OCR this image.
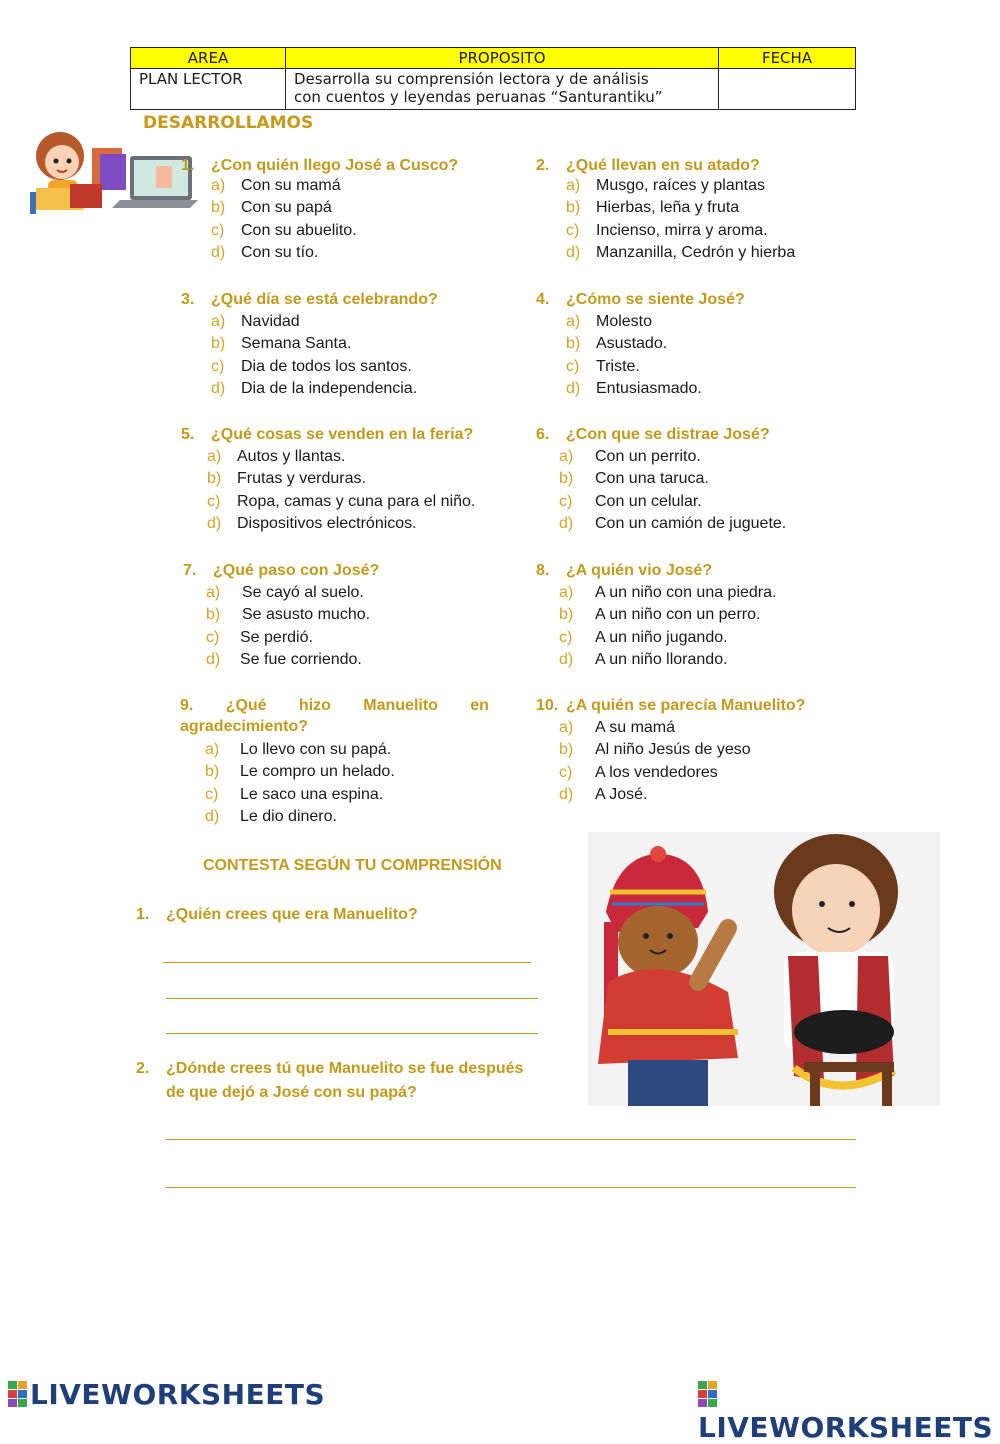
AREA	PROPOSITO	FECHA
PLAN LECTOR	Desarrolla su comprensión lectora y de análisis
con cuentos y leyendas peruanas “Santurantiku”	

DESARROLLAMOS
1. ¿Con quién llego José a Cusco?
a) Con su mamá
b) Con su papá
c) Con su abuelito.
d) Con su tío.
2. ¿Qué llevan en su atado?
a) Musgo, raíces y plantas
b) Hierbas, leña y fruta
c) Incienso, mirra y aroma.
d) Manzanilla, Cedrón y hierba
3. ¿Qué día se está celebrando?
a) Navidad
b) Semana Santa.
c) Dia de todos los santos.
d) Dia de la independencia.
4. ¿Cómo se siente José?
a) Molesto
b) Asustado.
c) Triste.
d) Entusiasmado.
5. ¿Qué cosas se venden en la feria?
a) Autos y llantas.
b) Frutas y verduras.
c) Ropa, camas y cuna para el niño.
d) Dispositivos electrónicos.
6. ¿Con que se distrae José?
a) Con un perrito.
b) Con una taruca.
c) Con un celular.
d) Con un camión de juguete.
7. ¿Qué paso con José?
a) Se cayó al suelo.
b) Se asusto mucho.
c) Se perdió.
d) Se fue corriendo.
8. ¿A quién vio José?
a) A un niño con una piedra.
b) A un niño con un perro.
c) A un niño jugando.
d) A un niño llorando.
9. ¿Qué hizo Manuelito en
agradecimiento?
a) Lo llevo con su papá.
b) Le compro un helado.
c) Le saco una espina.
d) Le dio dinero.
10. ¿A quién se parecía Manuelito?
a) A su mamá
b) Al niño Jesús de yeso
c) A los vendedores
d) A José.
CONTESTA SEGÚN TU COMPRENSIÓN
1. ¿Quién crees que era Manuelito?
2. ¿Dónde crees tú que Manuelito se fue después
de que dejó a José con su papá?
LIVEWORKSHEETS
LIVEWORKSHEETS
